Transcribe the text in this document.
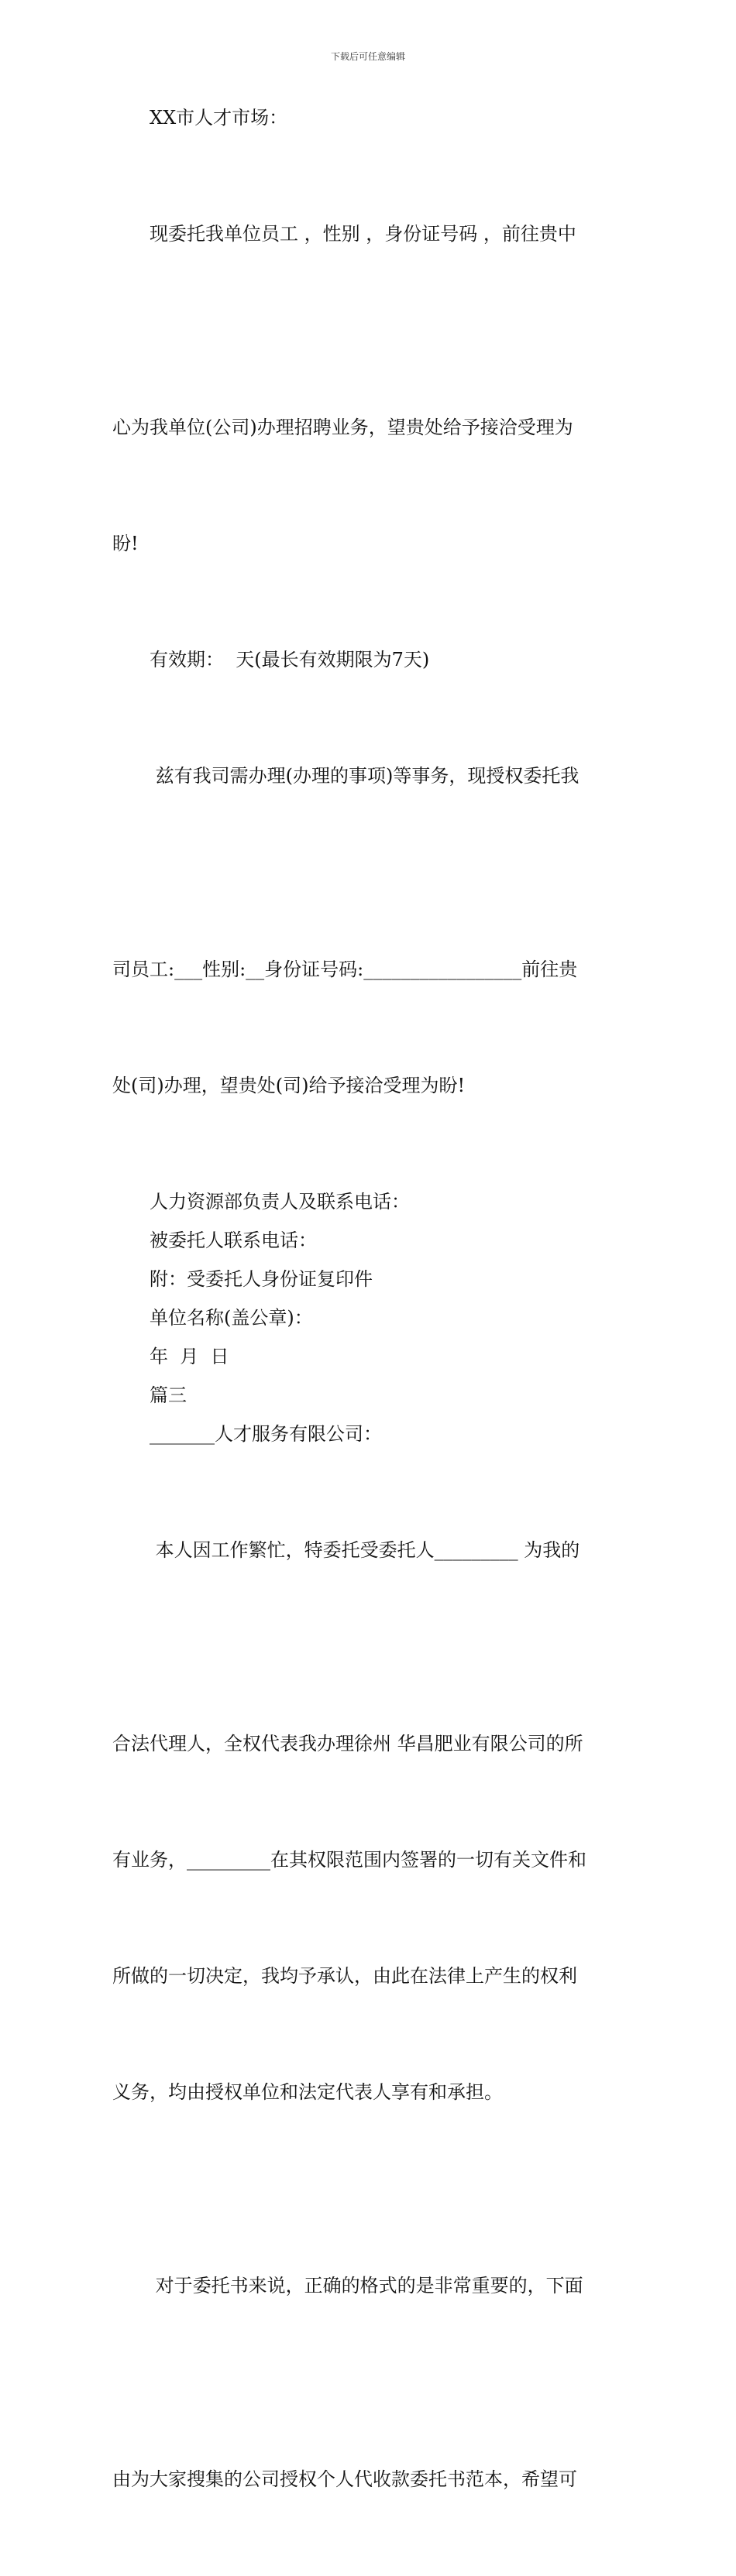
下载后可任意编辑

XX市人才市场：

现委托我单位员工 ，性别 ，身份证号码 ，前往贵中

心为我单位(公司)办理招聘业务，望贵处给予接洽受理为

盼!

有效期：  天(最长有效期限为7天)

兹有我司需办理(办理的事项)等事务，现授权委托我

司员工:___性别:__身份证号码:_________________前往贵

处(司)办理，望贵处(司)给予接洽受理为盼!

人力资源部负责人及联系电话：

被委托人联系电话：

附：受委托人身份证复印件

单位名称(盖公章)：

年  月  日

篇三

_______人才服务有限公司：

本人因工作繁忙，特委托受委托人_________ 为我的

合法代理人，全权代表我办理徐州 华昌肥业有限公司的所

有业务，_________在其权限范围内签署的一切有关文件和

所做的一切决定，我均予承认，由此在法律上产生的权利

义务，均由授权单位和法定代表人享有和承担。

对于委托书来说，正确的格式的是非常重要的，下面

由为大家搜集的公司授权个人代收款委托书范本，希望可
